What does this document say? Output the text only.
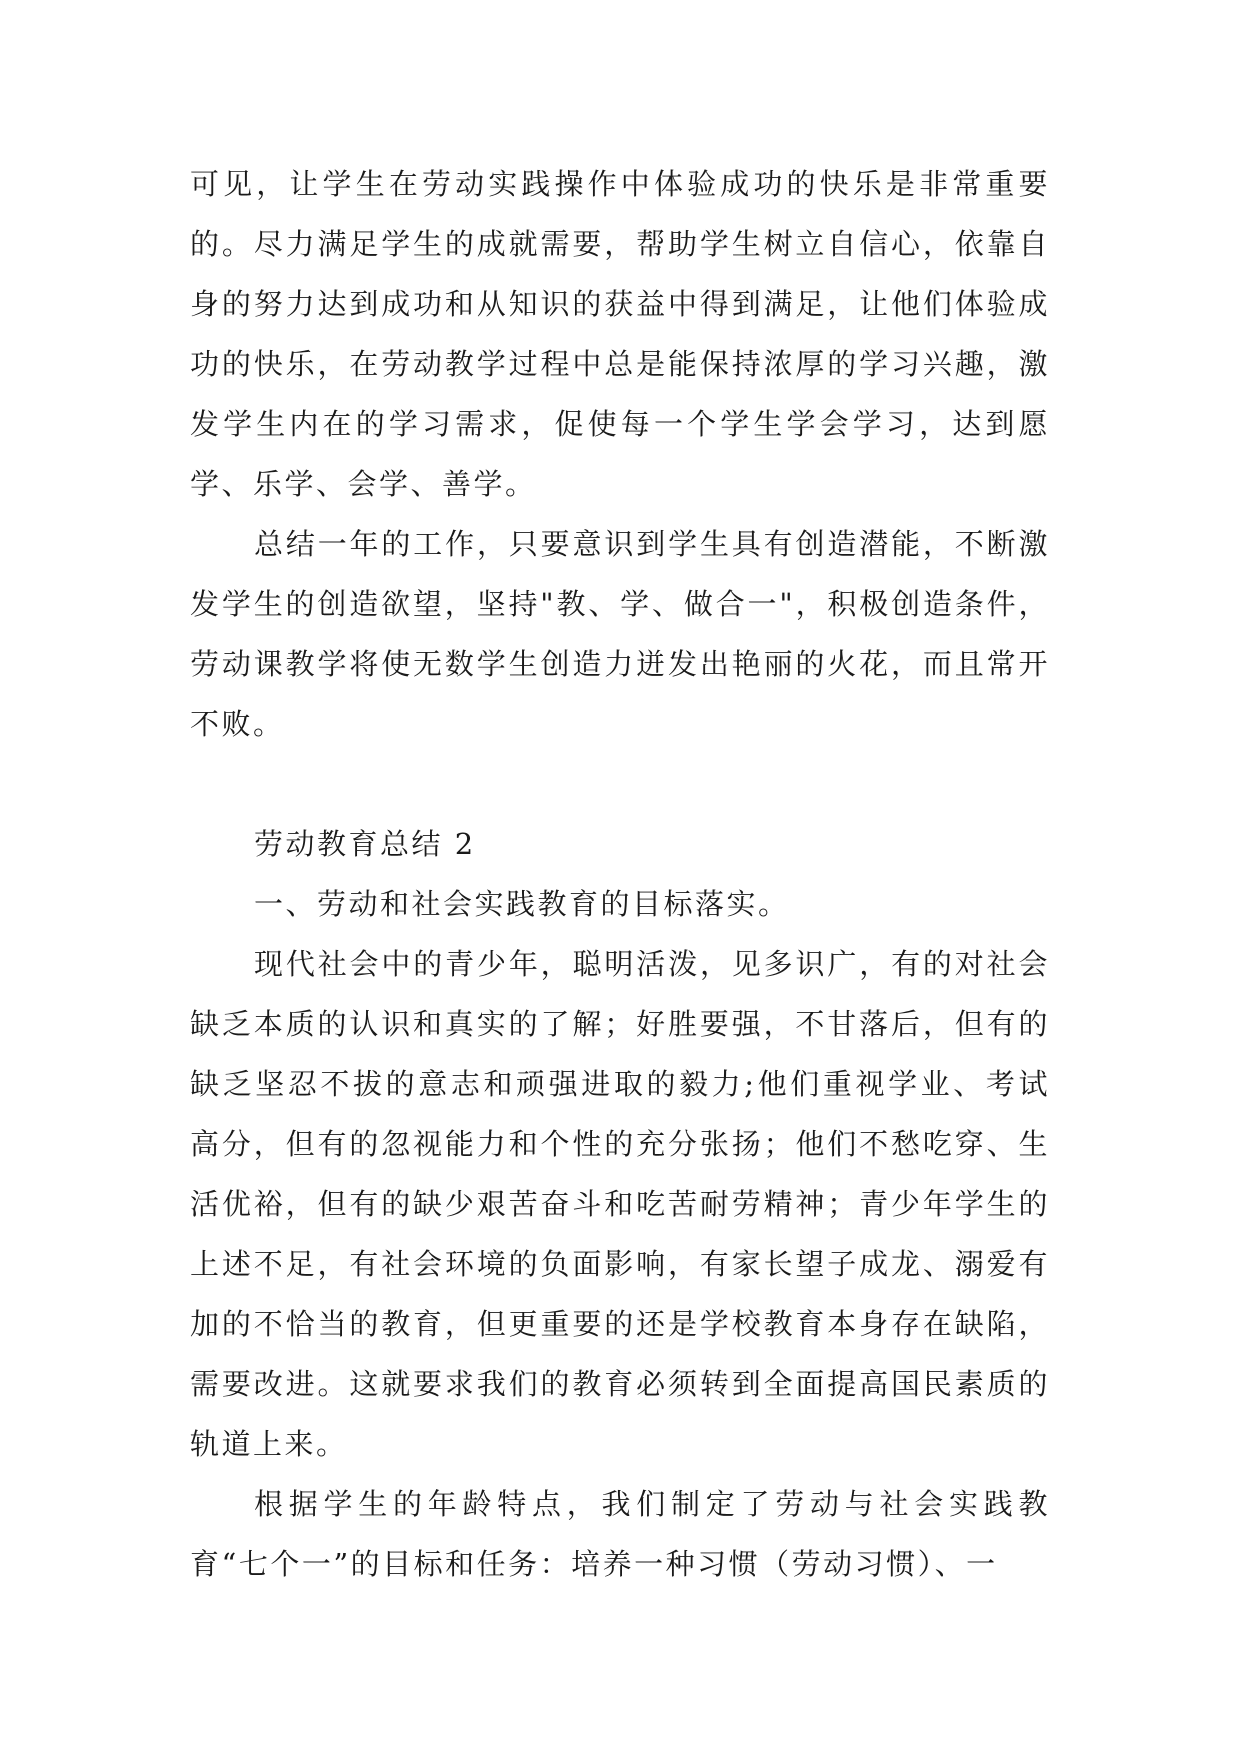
可见，让学生在劳动实践操作中体验成功的快乐是非常重要的。尽力满足学生的成就需要，帮助学生树立自信心，依靠自身的努力达到成功和从知识的获益中得到满足，让他们体验成功的快乐，在劳动教学过程中总是能保持浓厚的学习兴趣，激发学生内在的学习需求，促使每一个学生学会学习，达到愿学、乐学、会学、善学。

总结一年的工作，只要意识到学生具有创造潜能，不断激发学生的创造欲望，坚持"教、学、做合一"，积极创造条件，劳动课教学将使无数学生创造力迸发出艳丽的火花，而且常开不败。

劳动教育总结 2

一、劳动和社会实践教育的目标落实。

现代社会中的青少年，聪明活泼，见多识广，有的对社会缺乏本质的认识和真实的了解；好胜要强，不甘落后，但有的缺乏坚忍不拔的意志和顽强进取的毅力;他们重视学业、考试高分，但有的忽视能力和个性的充分张扬；他们不愁吃穿、生活优裕，但有的缺少艰苦奋斗和吃苦耐劳精神；青少年学生的上述不足，有社会环境的负面影响，有家长望子成龙、溺爱有加的不恰当的教育，但更重要的还是学校教育本身存在缺陷，需要改进。这就要求我们的教育必须转到全面提高国民素质的轨道上来。

根据学生的年龄特点，我们制定了劳动与社会实践教育“七个一”的目标和任务：培养一种习惯（劳动习惯）、一
